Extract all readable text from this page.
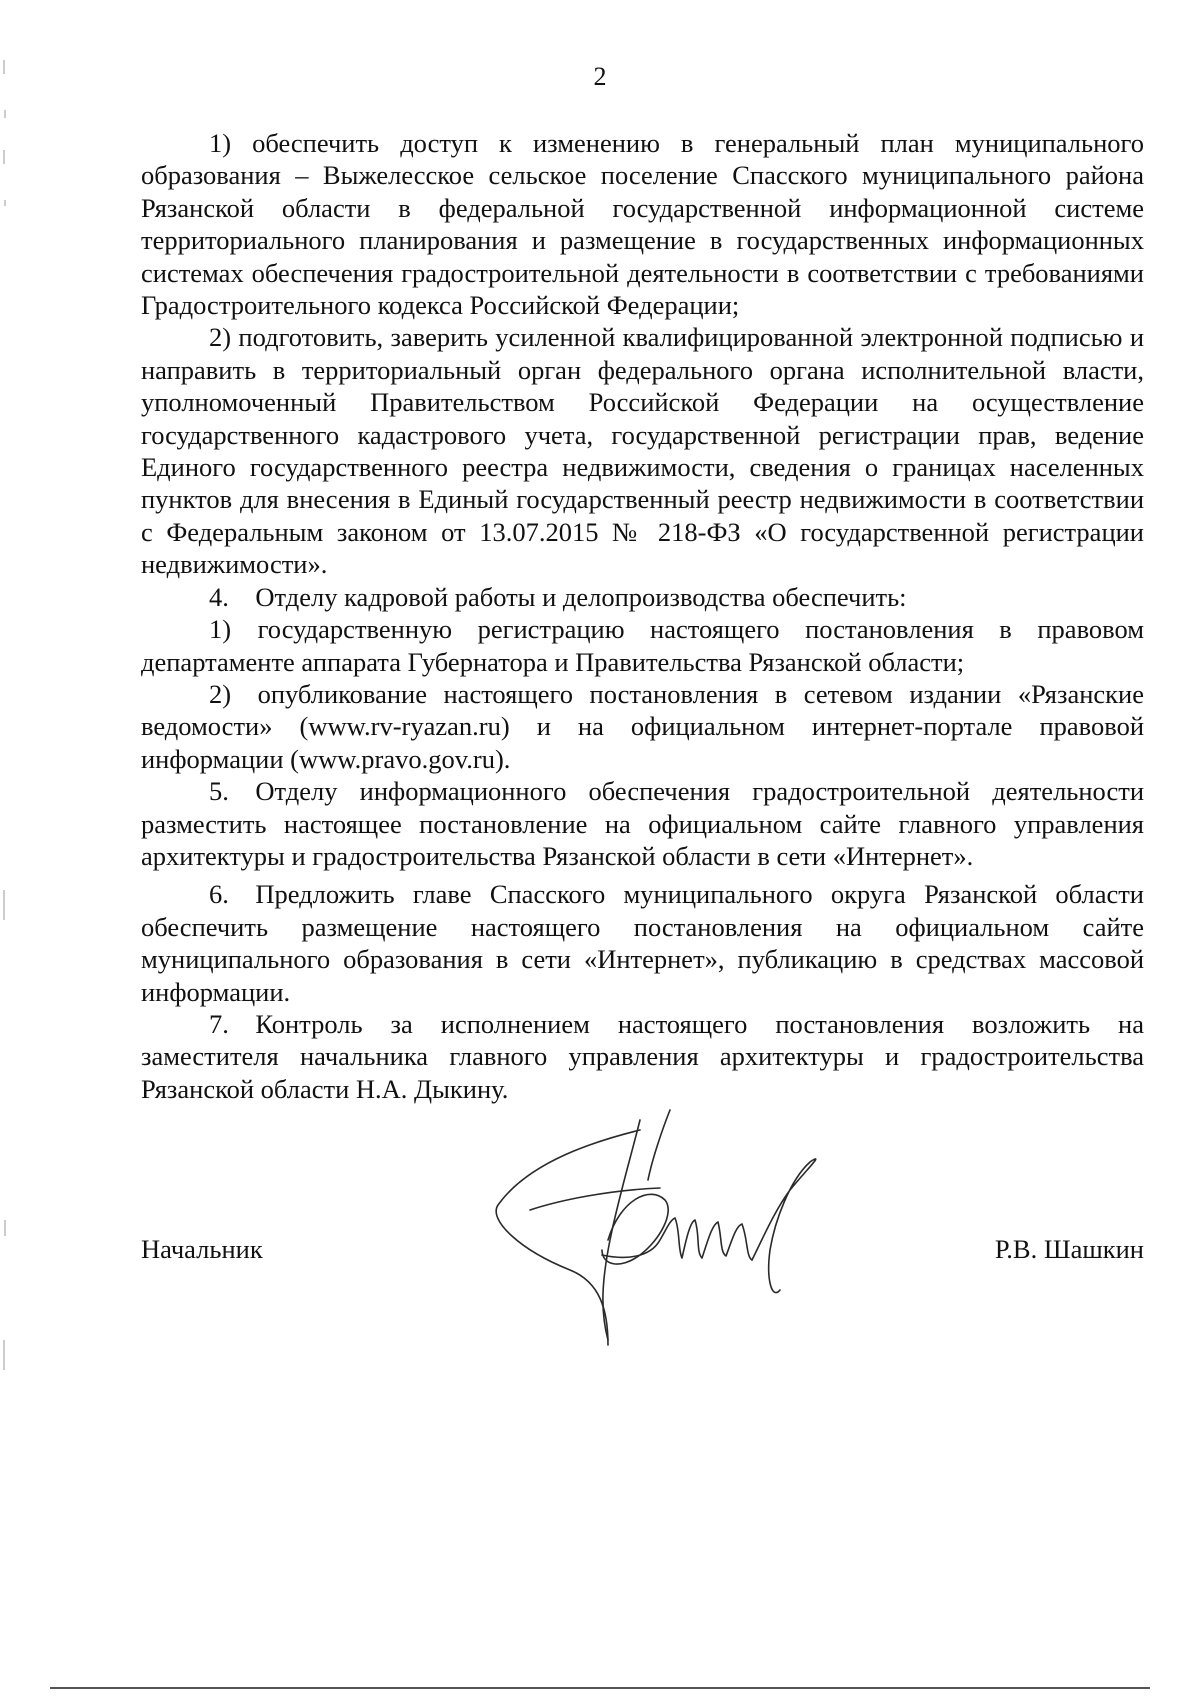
2

1) обеспечить доступ к изменению в генеральный план муниципального образования – Выжелесское сельское поселение Спасского муниципального района Рязанской области в федеральной государственной информационной системе территориального планирования и размещение в государственных информационных системах обеспечения градостроительной деятельности в соответствии с требованиями Градостроительного кодекса Российской Федерации;

2) подготовить, заверить усиленной квалифицированной электронной подписью и направить в территориальный орган федерального органа исполнительной власти, уполномоченный Правительством Российской Федерации на осуществление государственного кадастрового учета, государственной регистрации прав, ведение Единого государственного реестра недвижимости, сведения о границах населенных пунктов для внесения в Единый государственный реестр недвижимости в соответствии с Федеральным законом от 13.07.2015 № 218-ФЗ «О государственной регистрации недвижимости».

4. Отделу кадровой работы и делопроизводства обеспечить:

1) государственную регистрацию настоящего постановления в правовом департаменте аппарата Губернатора и Правительства Рязанской области;

2) опубликование настоящего постановления в сетевом издании «Рязанские ведомости» (www.rv-ryazan.ru) и на официальном интернет-портале правовой информации (www.pravo.gov.ru).

5. Отделу информационного обеспечения градостроительной деятельности разместить настоящее постановление на официальном сайте главного управления архитектуры и градостроительства Рязанской области в сети «Интернет».

6. Предложить главе Спасского муниципального округа Рязанской области обеспечить размещение настоящего постановления на официальном сайте муниципального образования в сети «Интернет», публикацию в средствах массовой информации.

7. Контроль за исполнением настоящего постановления возложить на заместителя начальника главного управления архитектуры и градостроительства Рязанской области Н.А. Дыкину.

Начальник	Р.В. Шашкин
